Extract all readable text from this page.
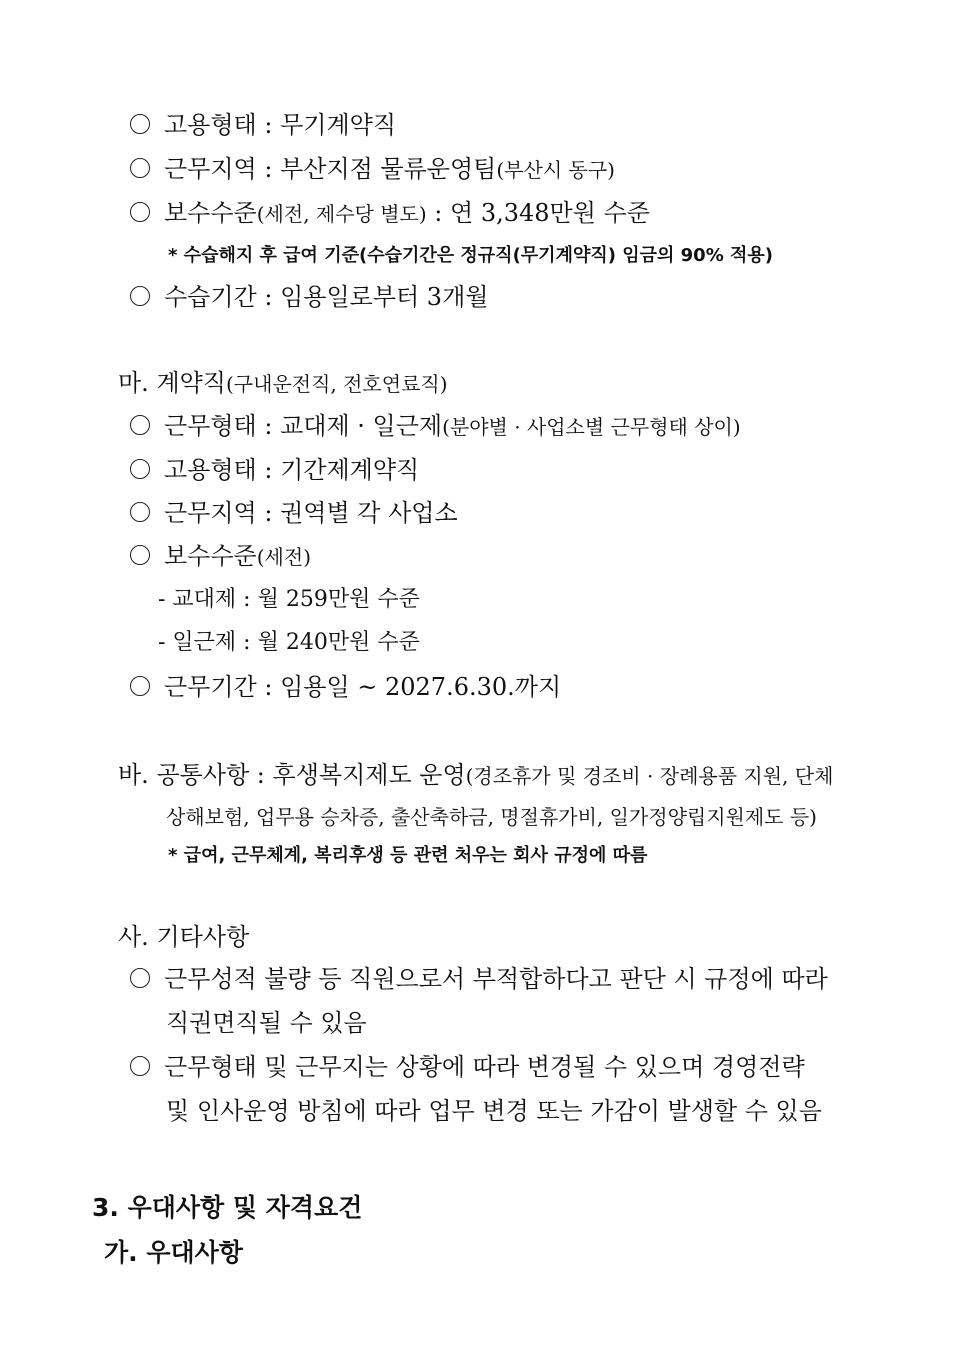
고용형태 : 무기계약직
근무지역 : 부산지점 물류운영팀(부산시 동구)
보수수준(세전, 제수당 별도) : 연 3,348만원 수준
* 수습해지 후 급여 기준(수습기간은 정규직(무기계약직) 임금의 90% 적용)
수습기간 : 임용일로부터 3개월
마. 계약직(구내운전직, 전호연료직)
근무형태 : 교대제 · 일근제(분야별 · 사업소별 근무형태 상이)
고용형태 : 기간제계약직
근무지역 : 권역별 각 사업소
보수수준(세전)
- 교대제 : 월 259만원 수준
- 일근제 : 월 240만원 수준
근무기간 : 임용일 ~ 2027.6.30.까지
바. 공통사항 : 후생복지제도 운영(경조휴가 및 경조비 · 장례용품 지원, 단체
상해보험, 업무용 승차증, 출산축하금, 명절휴가비, 일가정양립지원제도 등)
* 급여, 근무체계, 복리후생 등 관련 처우는 회사 규정에 따름
사. 기타사항
근무성적 불량 등 직원으로서 부적합하다고 판단 시 규정에 따라
직권면직될 수 있음
근무형태 및 근무지는 상황에 따라 변경될 수 있으며 경영전략
및 인사운영 방침에 따라 업무 변경 또는 가감이 발생할 수 있음
3. 우대사항 및 자격요건
가. 우대사항
